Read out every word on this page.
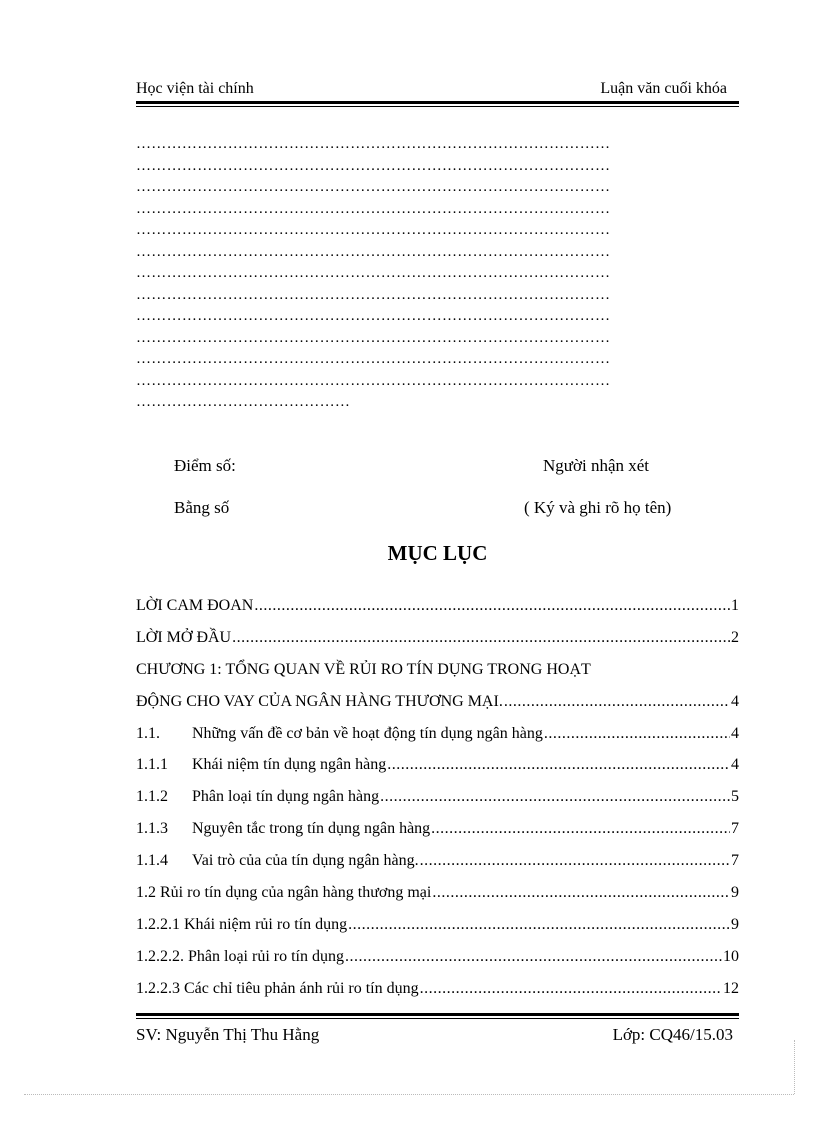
Học viện tài chính	Luận văn cuối khóa
…………………………………………………………………………………
…………………………………………………………………………………
…………………………………………………………………………………
…………………………………………………………………………………
…………………………………………………………………………………
…………………………………………………………………………………
…………………………………………………………………………………
…………………………………………………………………………………
…………………………………………………………………………………
…………………………………………………………………………………
…………………………………………………………………………………
…………………………………………………………………………………
……………………………………
Điểm số:	Người nhận xét
Bằng số	( Ký và ghi rõ họ tên)
MỤC LỤC
LỜI CAM ĐOAN .....	1
LỜI MỞ ĐẦU .....	2
CHƯƠNG 1: TỔNG QUAN VỀ RỦI RO TÍN DỤNG TRONG HOẠT
ĐỘNG CHO VAY CỦA NGÂN HÀNG THƯƠNG MẠI. .....	4
1.1.	Những vấn đề cơ bản về hoạt động tín dụng ngân hàng .....	4
1.1.1	Khái niệm tín dụng ngân hàng .....	4
1.1.2	Phân loại tín dụng ngân hàng .....	5
1.1.3	Nguyên tắc trong tín dụng ngân hàng .....	7
1.1.4	Vai trò của của tín dụng ngân hàng. .....	7
1.2 Rủi ro tín dụng của ngân hàng thương mại .....	9
1.2.2.1 Khái niệm rủi ro tín dụng .....	9
1.2.2.2. Phân loại rủi ro tín dụng .....	10
1.2.2.3 Các chỉ tiêu phản ánh rủi ro tín dụng .....	12
SV: Nguyễn Thị Thu Hằng	Lớp: CQ46/15.03
